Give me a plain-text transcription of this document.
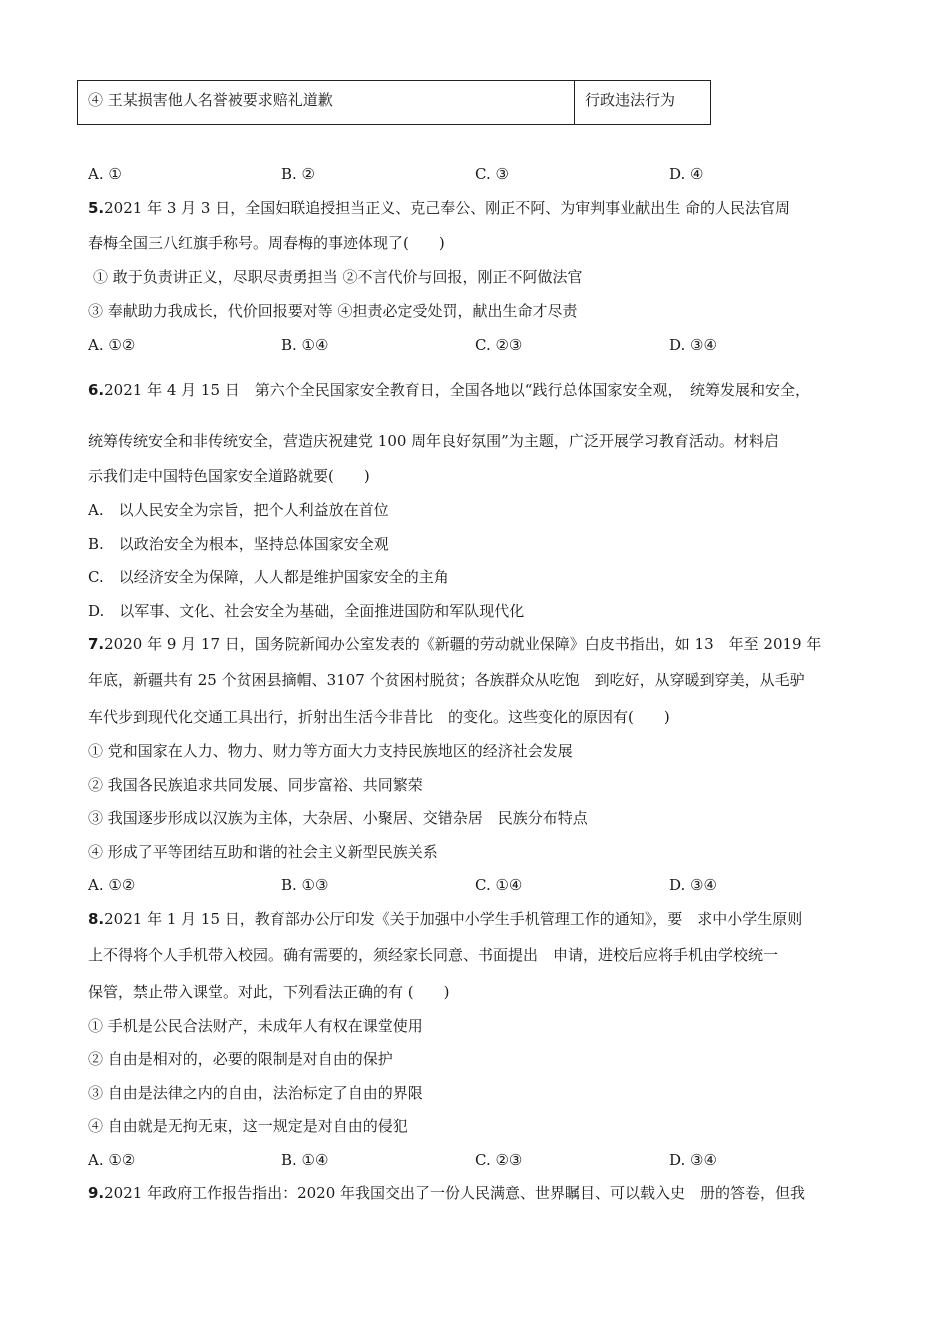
④ 王某损害他人名誉被要求赔礼道歉	行政违法行为
A. ①	B. ②	C. ③	D. ④
5.2021 年 3 月 3 日，全国妇联追授担当正义、克己奉公、刚正不阿、为审判事业献出生 命的人民法官周
春梅全国三八红旗手称号。周春梅的事迹体现了(　　)
① 敢于负责讲正义，尽职尽责勇担当 ②不言代价与回报，刚正不阿做法官
③ 奉献助力我成长，代价回报要对等 ④担责必定受处罚，献出生命才尽责
A. ①②	B. ①④	C. ②③	D. ③④
6.2021 年 4 月 15 日　第六个全民国家安全教育日，全国各地以“践行总体国家安全观，　统筹发展和安全，
统筹传统安全和非传统安全，营造庆祝建党 100 周年良好氛围”为主题，广泛开展学习教育活动。材料启
示我们走中国特色国家安全道路就要(　　)
A.　以人民安全为宗旨，把个人利益放在首位
B.　以政治安全为根本，坚持总体国家安全观
C.　以经济安全为保障，人人都是维护国家安全的主角
D.　以军事、文化、社会安全为基础，全面推进国防和军队现代化
7.2020 年 9 月 17 日，国务院新闻办公室发表的《新疆的劳动就业保障》白皮书指出，如 13　年至 2019 年
年底，新疆共有 25 个贫困县摘帽、3107 个贫困村脱贫；各族群众从吃饱　到吃好，从穿暖到穿美，从毛驴
车代步到现代化交通工具出行，折射出生活今非昔比　的变化。这些变化的原因有(　　)
① 党和国家在人力、物力、财力等方面大力支持民族地区的经济社会发展
② 我国各民族追求共同发展、同步富裕、共同繁荣
③ 我国逐步形成以汉族为主体，大杂居、小聚居、交错杂居　民族分布特点
④ 形成了平等团结互助和谐的社会主义新型民族关系
A. ①②	B. ①③	C. ①④	D. ③④
8.2021 年 1 月 15 日，教育部办公厅印发《关于加强中小学生手机管理工作的通知》，要　求中小学生原则
上不得将个人手机带入校园。确有需要的，须经家长同意、书面提出　申请，进校后应将手机由学校统一
保管，禁止带入课堂。对此，下列看法正确的有 (　　)
① 手机是公民合法财产，未成年人有权在课堂使用
② 自由是相对的，必要的限制是对自由的保护
③ 自由是法律之内的自由，法治标定了自由的界限
④ 自由就是无拘无束，这一规定是对自由的侵犯
A. ①②	B. ①④	C. ②③	D. ③④
9.2021 年政府工作报告指出：2020 年我国交出了一份人民满意、世界瞩目、可以载入史　册的答卷，但我
